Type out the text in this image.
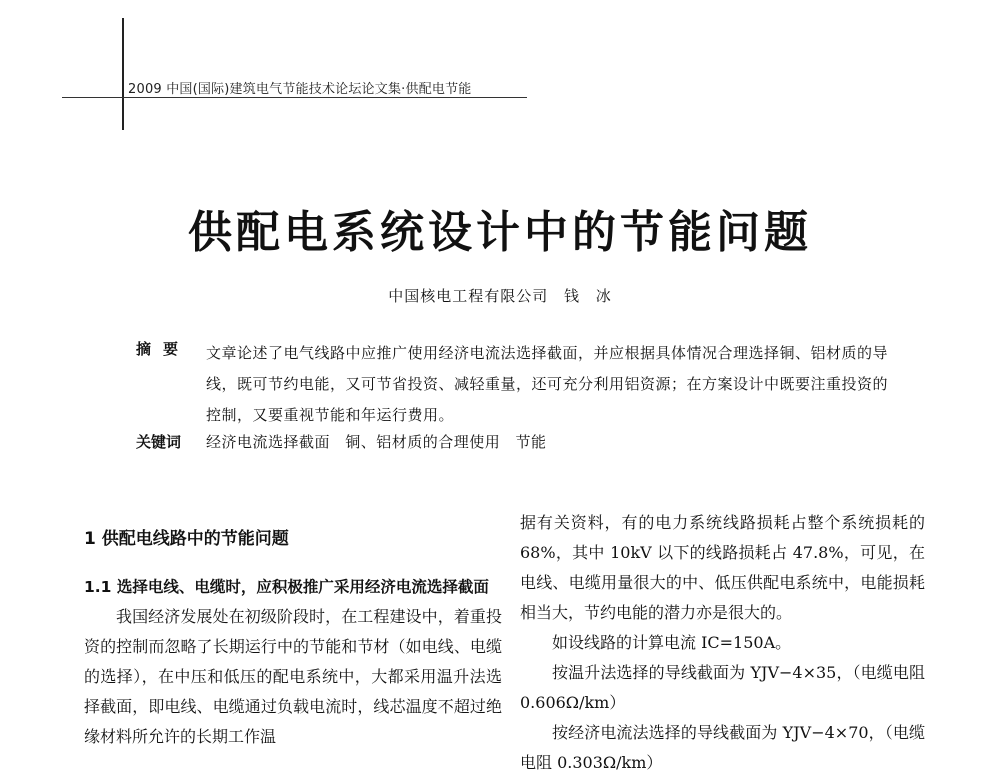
2009 中国(国际)建筑电气节能技术论坛论文集·供配电节能
供配电系统设计中的节能问题
中国核电工程有限公司 钱 冰
摘要 文章论述了电气线路中应推广使用经济电流法选择截面，并应根据具体情况合理选择铜、铝材质的导线，既可节约电能，又可节省投资、减轻重量，还可充分利用铝资源；在方案设计中既要注重投资的控制，又要重视节能和年运行费用。
关键词 经济电流选择截面 铜、铝材质的合理使用 节能

1 供配电线路中的节能问题

1.1 选择电线、电缆时，应积极推广采用经济电流选择截面

我国经济发展处在初级阶段时，在工程建设中，着重投资的控制而忽略了长期运行中的节能和节材（如电线、电缆的选择），在中压和低压的配电系统中，大都采用温升法选择截面，即电线、电缆通过负载电流时，线芯温度不超过绝缘材料所允许的长期工作温

据有关资料，有的电力系统线路损耗占整个系统损耗的 68%，其中 10kV 以下的线路损耗占 47.8%，可见，在电线、电缆用量很大的中、低压供配电系统中，电能损耗相当大，节约电能的潜力亦是很大的。

如设线路的计算电流 IC=150A。

按温升法选择的导线截面为 YJV−4×35，（电缆电阻 0.606Ω/km）

按经济电流法选择的导线截面为 YJV−4×70，（电缆电阻 0.303Ω/km）
